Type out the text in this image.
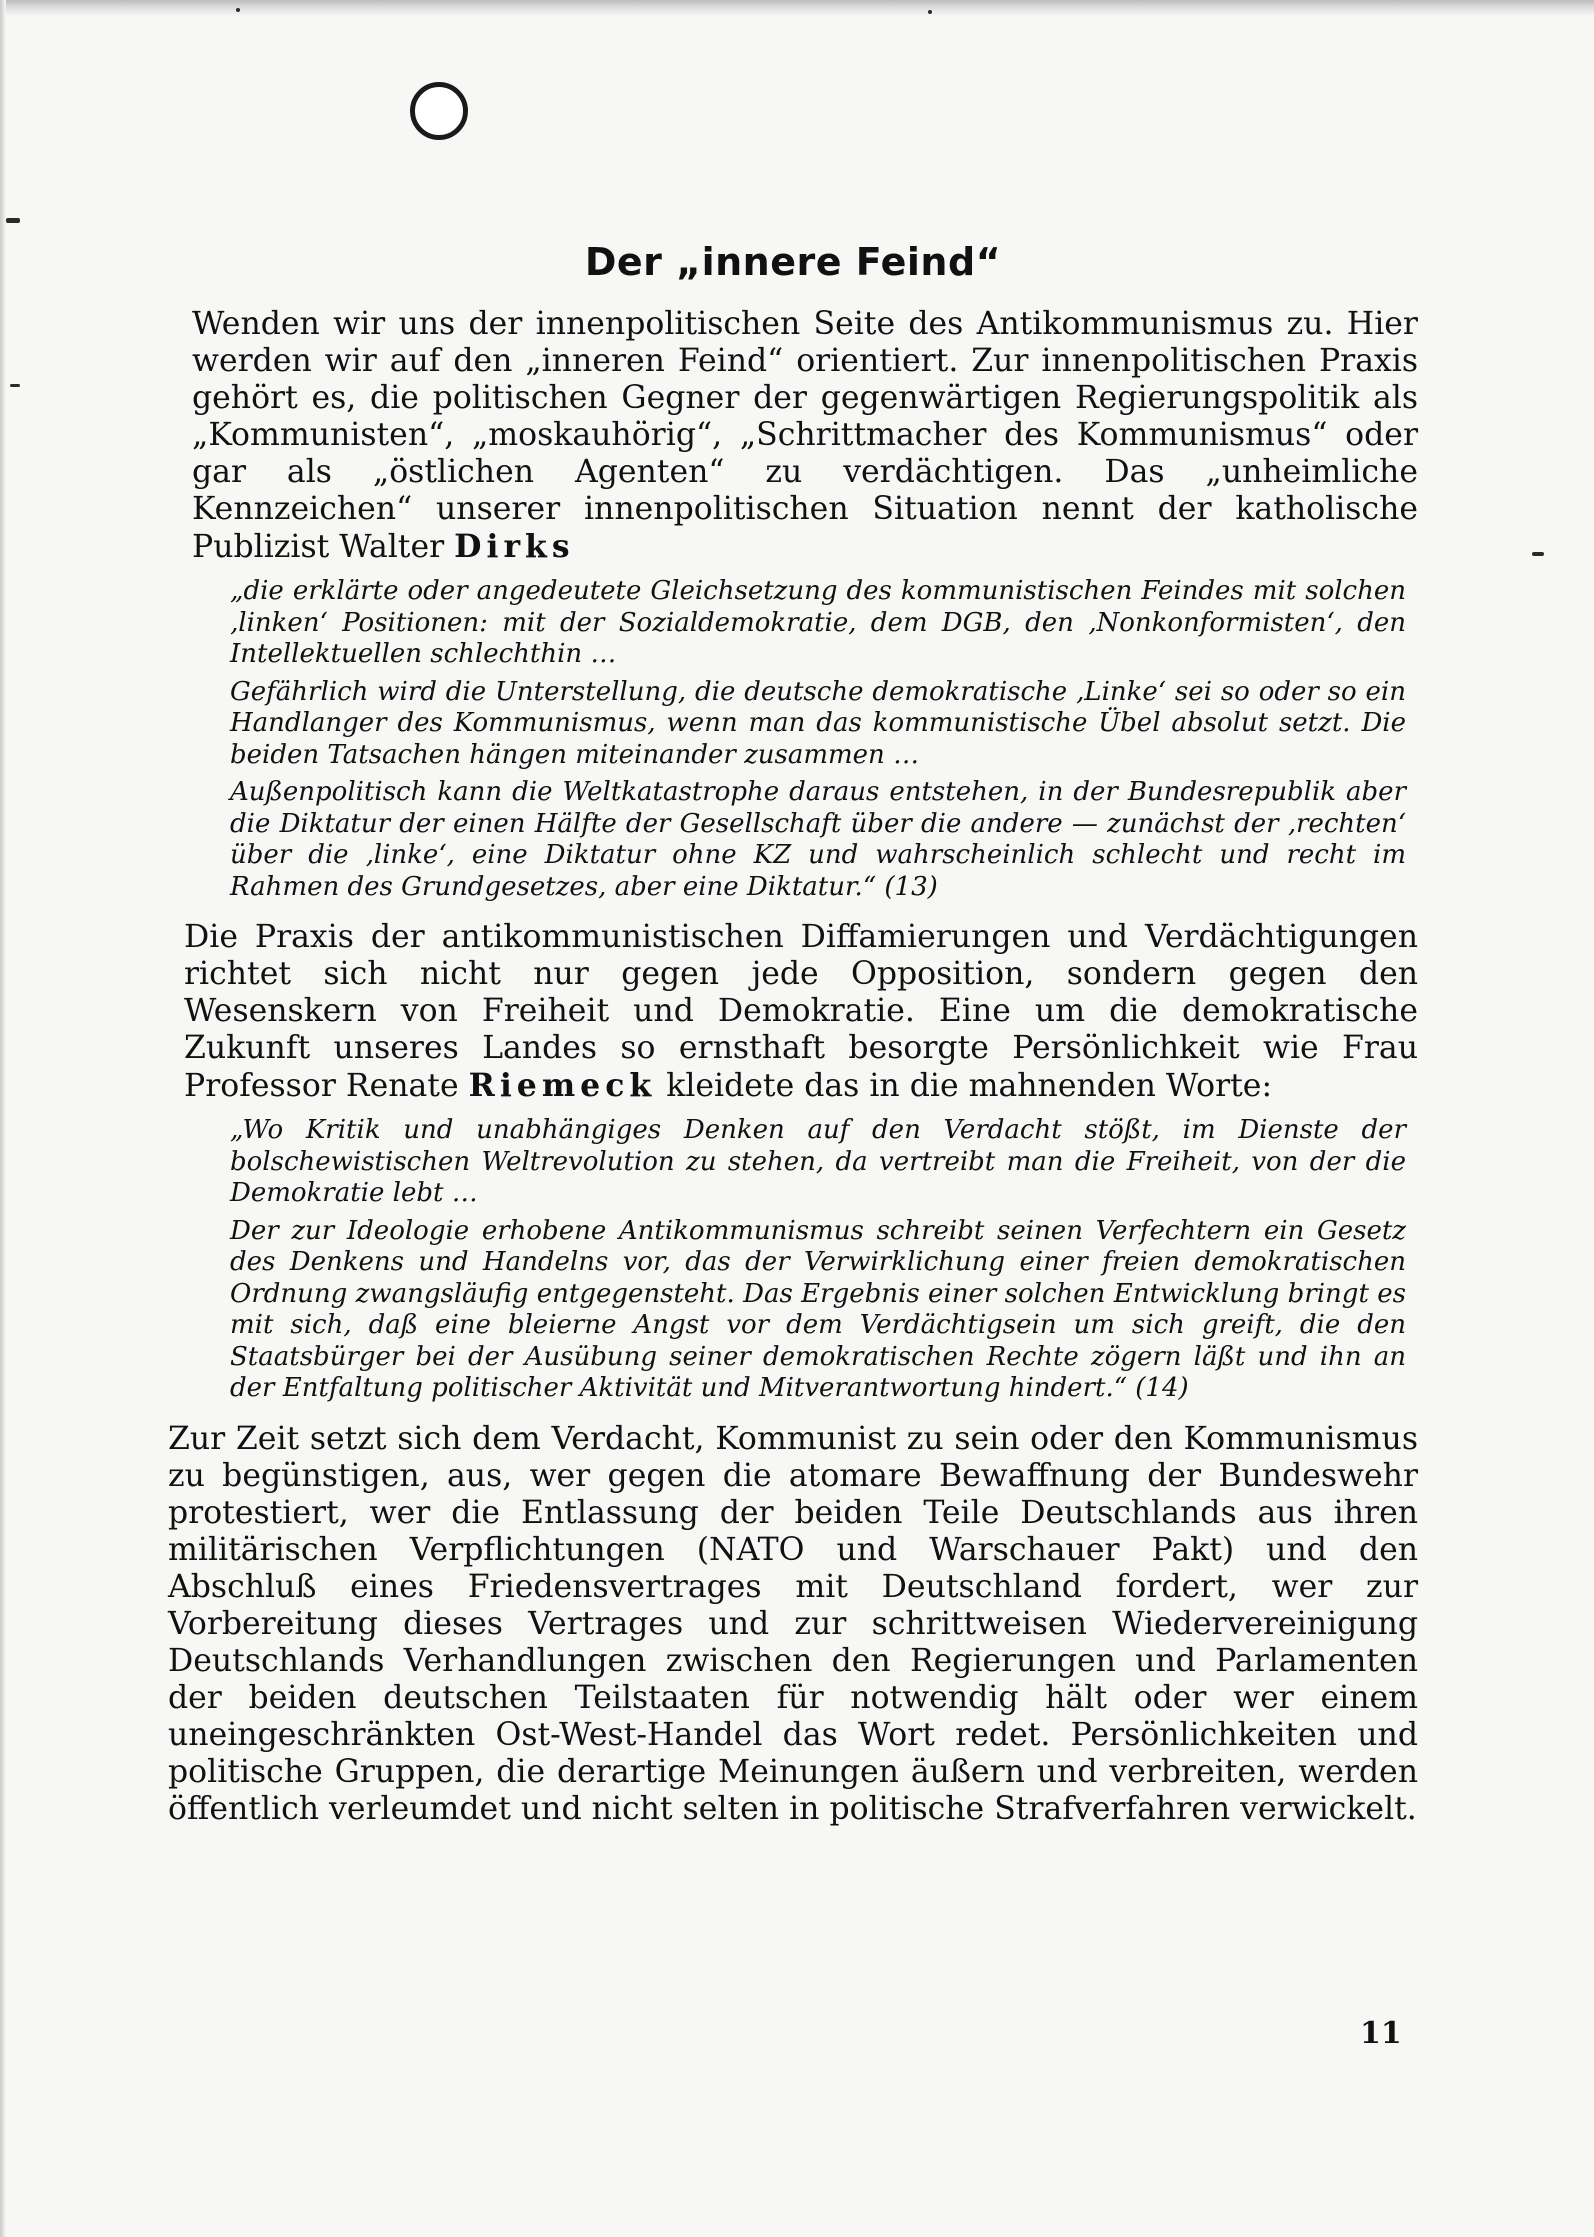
Der „innere Feind“

Wenden wir uns der innenpolitischen Seite des Antikommunismus zu. Hier werden wir auf den „inneren Feind“ orientiert. Zur innenpolitischen Praxis gehört es, die politischen Gegner der gegenwärtigen Regierungspolitik als „Kommunisten“, „moskauhörig“, „Schrittmacher des Kommunismus“ oder gar als „östlichen Agenten“ zu verdächtigen. Das „unheimliche Kennzeichen“ unserer innenpolitischen Situation nennt der katholische Publizist Walter Dirks

„die erklärte oder angedeutete Gleichsetzung des kommunistischen Feindes mit solchen ‚linken‘ Positionen: mit der Sozialdemokratie, dem DGB, den ‚Nonkonformisten‘, den Intellektuellen schlechthin …

Gefährlich wird die Unterstellung, die deutsche demokratische ‚Linke‘ sei so oder so ein Handlanger des Kommunismus, wenn man das kommunistische Übel absolut setzt. Die beiden Tatsachen hängen miteinander zusammen …

Außenpolitisch kann die Weltkatastrophe daraus entstehen, in der Bundesrepublik aber die Diktatur der einen Hälfte der Gesellschaft über die andere — zunächst der ‚rechten‘ über die ‚linke‘, eine Diktatur ohne KZ und wahrscheinlich schlecht und recht im Rahmen des Grundgesetzes, aber eine Diktatur.“ (13)

Die Praxis der antikommunistischen Diffamierungen und Verdächtigungen richtet sich nicht nur gegen jede Opposition, sondern gegen den Wesenskern von Freiheit und Demokratie. Eine um die demokratische Zukunft unseres Landes so ernsthaft besorgte Persönlichkeit wie Frau Professor Renate Riemeck kleidete das in die mahnenden Worte:

„Wo Kritik und unabhängiges Denken auf den Verdacht stößt, im Dienste der bolschewistischen Weltrevolution zu stehen, da vertreibt man die Freiheit, von der die Demokratie lebt …

Der zur Ideologie erhobene Antikommunismus schreibt seinen Verfechtern ein Gesetz des Denkens und Handelns vor, das der Verwirklichung einer freien demokratischen Ordnung zwangsläufig entgegensteht. Das Ergebnis einer solchen Entwicklung bringt es mit sich, daß eine bleierne Angst vor dem Verdächtigsein um sich greift, die den Staatsbürger bei der Ausübung seiner demokratischen Rechte zögern läßt und ihn an der Entfaltung politischer Aktivität und Mitverantwortung hindert.“ (14)

Zur Zeit setzt sich dem Verdacht, Kommunist zu sein oder den Kommunismus zu begünstigen, aus, wer gegen die atomare Bewaffnung der Bundeswehr protestiert, wer die Entlassung der beiden Teile Deutschlands aus ihren militärischen Verpflichtungen (NATO und Warschauer Pakt) und den Abschluß eines Friedensvertrages mit Deutschland fordert, wer zur Vorbereitung dieses Vertrages und zur schrittweisen Wiedervereinigung Deutschlands Verhandlungen zwischen den Regierungen und Parlamenten der beiden deutschen Teilstaaten für notwendig hält oder wer einem uneingeschränkten Ost-West-Handel das Wort redet. Persönlichkeiten und politische Gruppen, die derartige Meinungen äußern und verbreiten, werden öffentlich verleumdet und nicht selten in politische Strafverfahren verwickelt.

11
